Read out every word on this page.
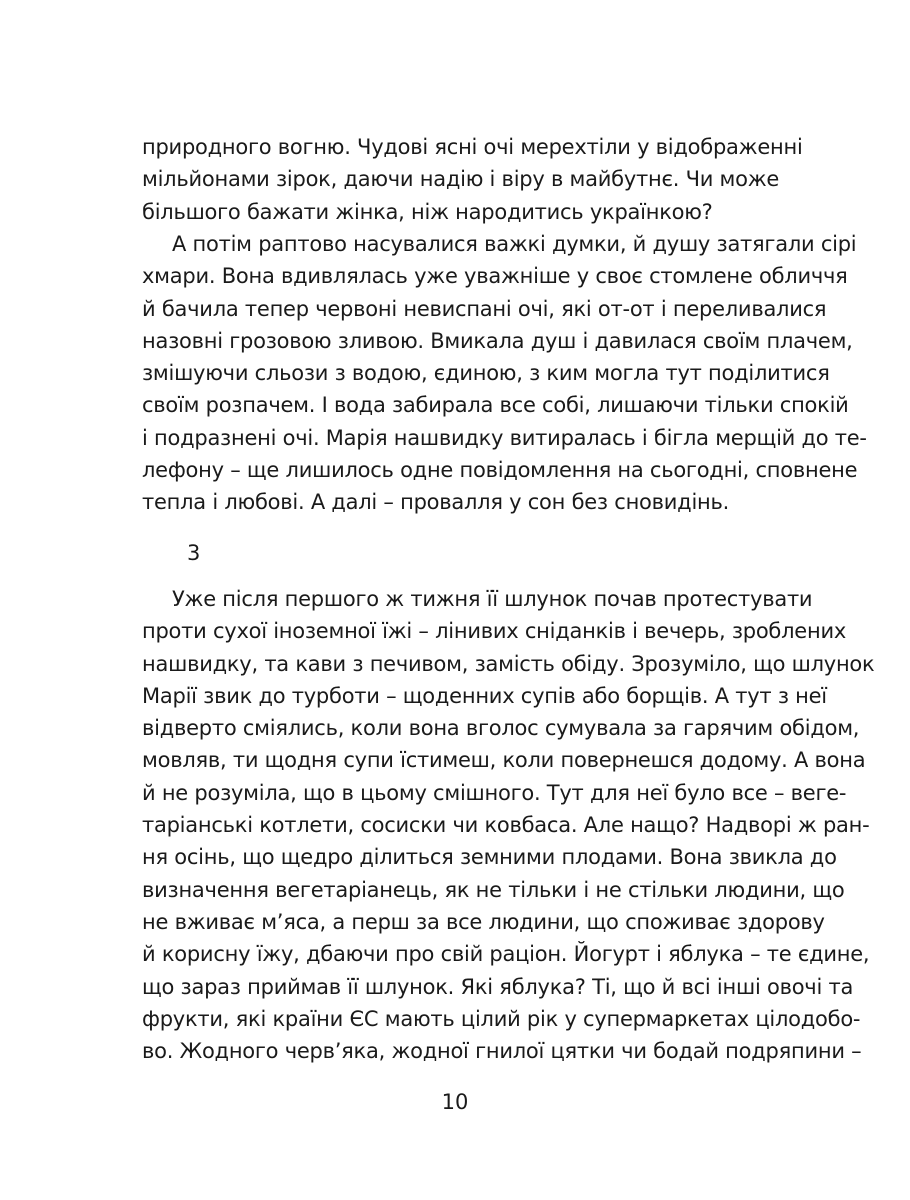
природного вогню. Чудові ясні очі мерехтіли у відображенні
мільйонами зірок, даючи надію і віру в майбутнє. Чи може
більшого бажати жінка, ніж народитись українкою?
А потім раптово насувалися важкі думки, й душу затягали сірі
хмари. Вона вдивлялась уже уважніше у своє стомлене обличчя
й бачила тепер червоні невиспані очі, які от-от і переливалися
назовні грозовою зливою. Вмикала душ і давилася своїм плачем,
змішуючи сльози з водою, єдиною, з ким могла тут поділитися
своїм розпачем. І вода забирала все собі, лишаючи тільки спокій
і подразнені очі. Марія нашвидку витиралась і бігла мерщій до те-
лефону – ще лишилось одне повідомлення на сьогодні, сповнене
тепла і любові. А далі – провалля у сон без сновидінь.
3
Уже після першого ж тижня її шлунок почав протестувати
проти сухої іноземної їжі – лінивих сніданків і вечерь, зроблених
нашвидку, та кави з печивом, замість обіду. Зрозуміло, що шлунок
Марії звик до турботи – щоденних супів або борщів. А тут з неї
відверто сміялись, коли вона вголос сумувала за гарячим обідом,
мовляв, ти щодня супи їстимеш, коли повернешся додому. А вона
й не розуміла, що в цьому смішного. Тут для неї було все – веге-
таріанські котлети, сосиски чи ковбаса. Але нащо? Надворі ж ран-
ня осінь, що щедро ділиться земними плодами. Вона звикла до
визначення вегетаріанець, як не тільки і не стільки людини, що
не вживає м’яса, а перш за все людини, що споживає здорову
й корисну їжу, дбаючи про свій раціон. Йогурт і яблука – те єдине,
що зараз приймав її шлунок. Які яблука? Ті, що й всі інші овочі та
фрукти, які країни ЄС мають цілий рік у супермаркетах цілодобо-
во. Жодного черв’яка, жодної гнилої цятки чи бодай подряпини –
10
